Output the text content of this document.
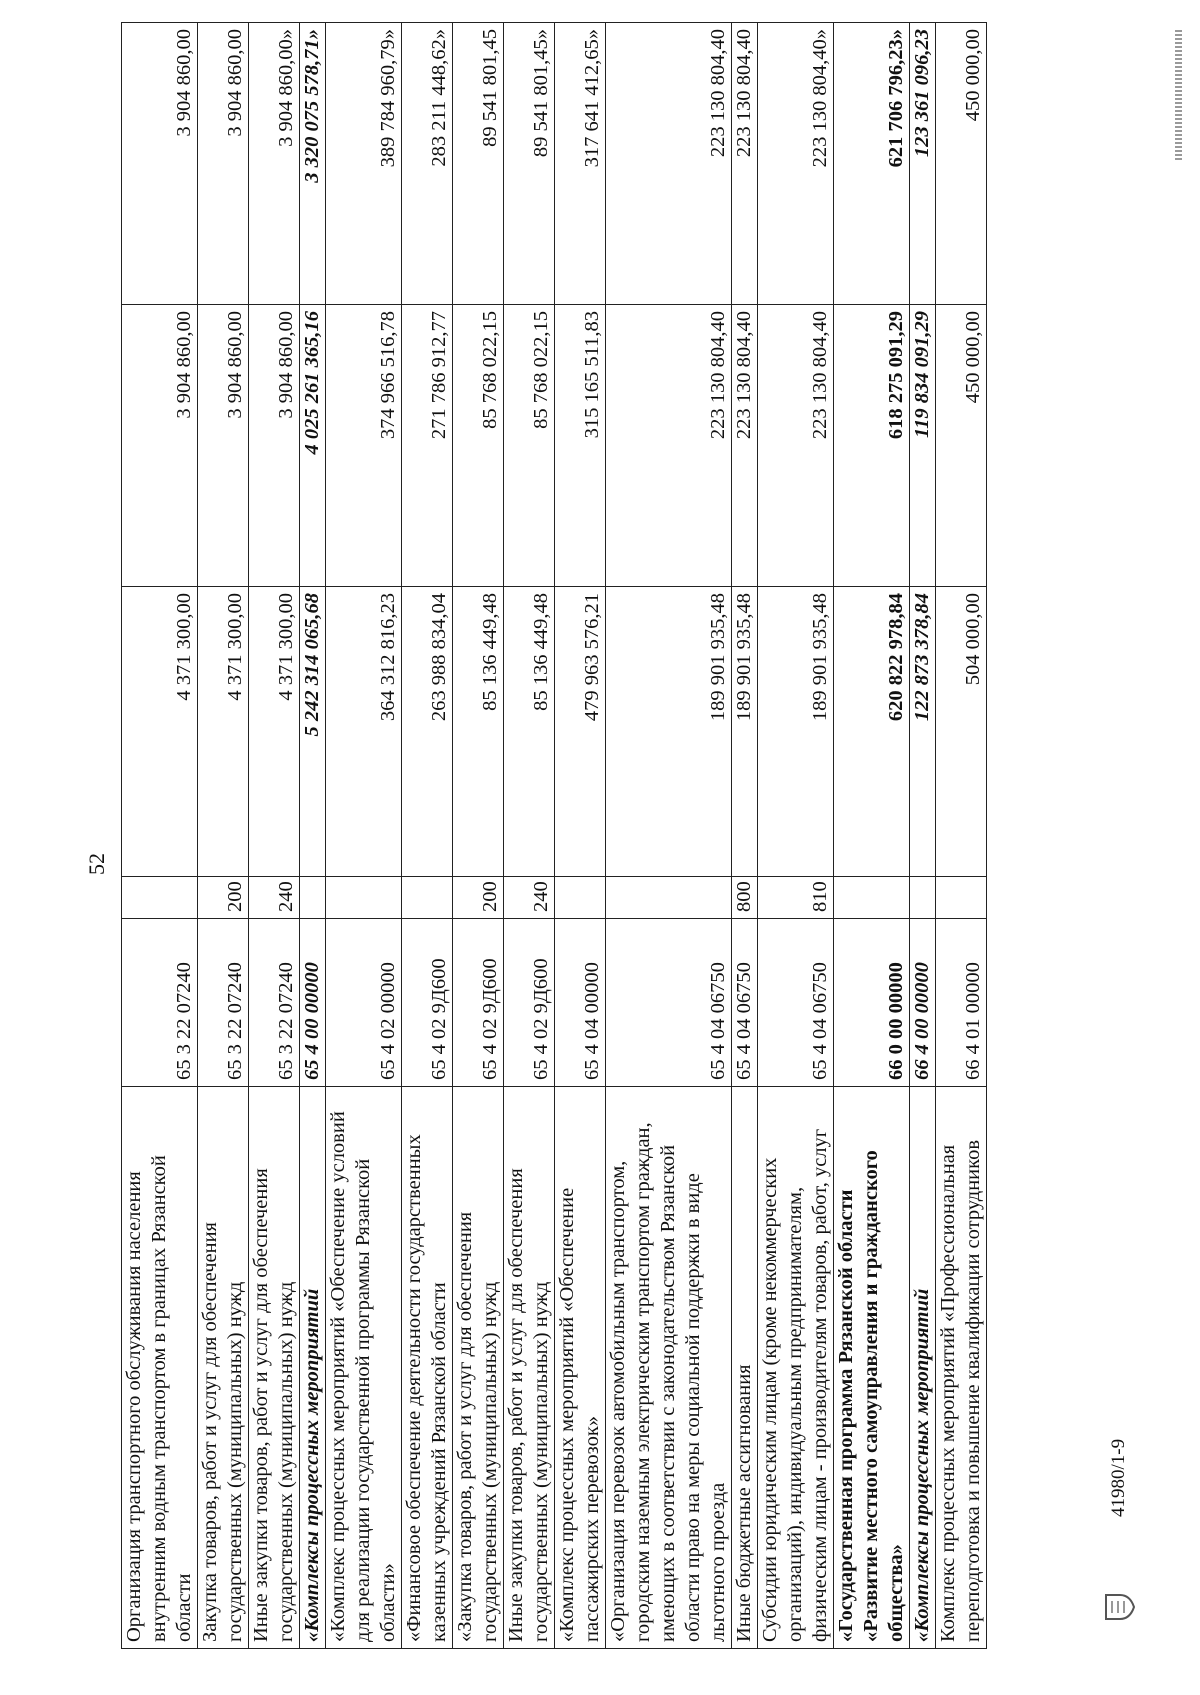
41980/1-9
52
Организация транспортного обслуживания населения внутренним водным транспортом в границах Рязанской области	65 3 22 07240		4 371 300,00	3 904 860,00	3 904 860,00
Закупка товаров, работ и услуг для обеспечения государственных (муниципальных) нужд	65 3 22 07240	200	4 371 300,00	3 904 860,00	3 904 860,00
Иные закупки товаров, работ и услуг для обеспечения государственных (муниципальных) нужд	65 3 22 07240	240	4 371 300,00	3 904 860,00	3 904 860,00»
«Комплексы процессных мероприятий	65 4 00 00000		5 242 314 065,68	4 025 261 365,16	3 320 075 578,71»
«Комплекс процессных мероприятий «Обеспечение условий для реализации государственной программы Рязанской области»	65 4 02 00000		364 312 816,23	374 966 516,78	389 784 960,79»
«Финансовое обеспечение деятельности государственных казенных учреждений Рязанской области	65 4 02 9Д600		263 988 834,04	271 786 912,77	283 211 448,62»
«Закупка товаров, работ и услуг для обеспечения государственных (муниципальных) нужд	65 4 02 9Д600	200	85 136 449,48	85 768 022,15	89 541 801,45
Иные закупки товаров, работ и услуг для обеспечения государственных (муниципальных) нужд	65 4 02 9Д600	240	85 136 449,48	85 768 022,15	89 541 801,45»
«Комплекс процессных мероприятий «Обеспечение пассажирских перевозок»	65 4 04 00000		479 963 576,21	315 165 511,83	317 641 412,65»
«Организация перевозок автомобильным транспортом, городским наземным электрическим транспортом граждан, имеющих в соответствии с законодательством Рязанской области право на меры социальной поддержки в виде льготного проезда	65 4 04 06750		189 901 935,48	223 130 804,40	223 130 804,40
Иные бюджетные ассигнования	65 4 04 06750	800	189 901 935,48	223 130 804,40	223 130 804,40
Субсидии юридическим лицам (кроме некоммерческих организаций), индивидуальным предпринимателям, физическим лицам - производителям товаров, работ, услуг	65 4 04 06750	810	189 901 935,48	223 130 804,40	223 130 804,40»
«Государственная программа Рязанской области «Развитие местного самоуправления и гражданского общества»	66 0 00 00000		620 822 978,84	618 275 091,29	621 706 796,23»
«Комплексы процессных мероприятий	66 4 00 00000		122 873 378,84	119 834 091,29	123 361 096,23
Комплекс процессных мероприятий «Профессиональная переподготовка и повышение квалификации сотрудников	66 4 01 00000		504 000,00	450 000,00	450 000,00
